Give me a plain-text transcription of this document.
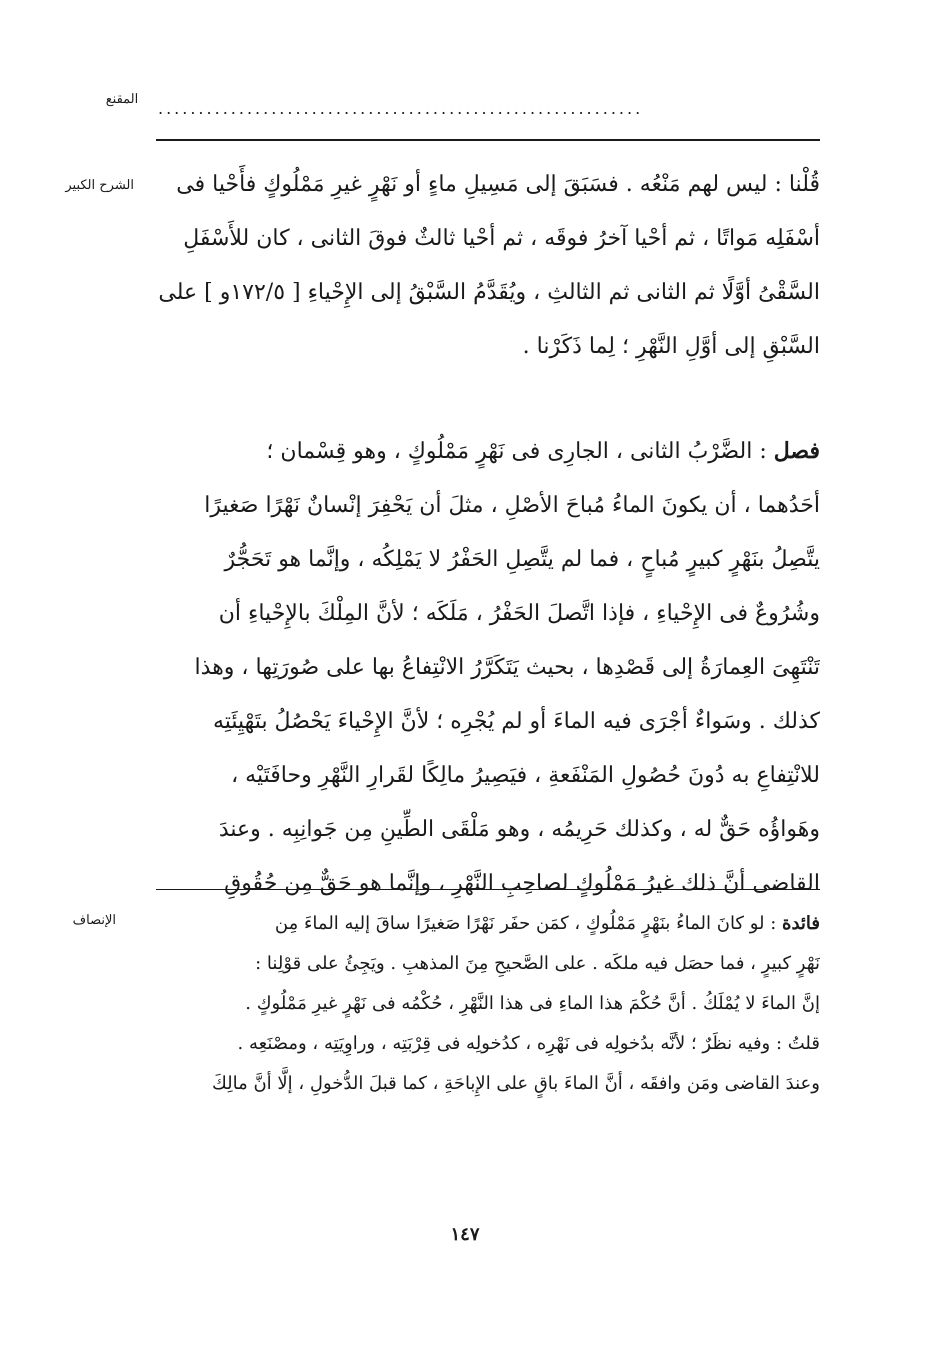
المقنع	............................................................
الشرح الكبير	قُلْنا : ليس لهم مَنْعُه . فسَبَقَ إلى مَسِيلِ ماءٍ أو نَهْرٍ غيرِ مَمْلُوكٍ فأَحْيا فى
أسْفَلِه مَواتًا ، ثم أحْيا آخرُ فوقَه ، ثم أحْيا ثالثٌ فوقَ الثانى ، كان للأَسْفَلِ
السَّقْىُ أوَّلًا ثم الثانى ثم الثالثِ ، ويُقَدَّمُ السَّبْقُ إلى الإِحْياءِ [ ١٧٢/٥و ] على
السَّبْقِ إلى أوَّلِ النَّهْرِ ؛ لِما ذَكَرْنا .
فصل : الضَّرْبُ الثانى ، الجارِى فى نَهْرٍ مَمْلُوكٍ ، وهو قِسْمان ؛
أحَدُهما ، أن يكونَ الماءُ مُباحَ الأصْلِ ، مثلَ أن يَحْفِرَ إنْسانٌ نَهْرًا صَغيرًا
يتَّصِلُ بنَهْرٍ كبيرٍ مُباحٍ ، فما لم يتَّصِلِ الحَفْرُ لا يَمْلِكُه ، وإنَّما هو تَحَجُّرٌ
وشُرُوعٌ فى الإِحْياءِ ، فإذا اتَّصلَ الحَفْرُ ، مَلَكَه ؛ لأنَّ المِلْكَ بالإِحْياءِ أن
تَنْتَهِىَ العِمارَةُ إلى قَصْدِها ، بحيث يَتَكَرَّرُ الانْتِفاعُ بها على صُورَتِها ، وهذا
كذلك . وسَواءٌ أجْرَى فيه الماءَ أو لم يُجْرِه ؛ لأنَّ الإِحْياءَ يَحْصُلُ بتَهْيِئَتِه
للانْتِفاعِ به دُونَ حُصُولِ المَنْفَعةِ ، فيَصِيرُ مالِكًا لقَرارِ النَّهْرِ وحافَتَيْه ،
وهَواؤُه حَقٌّ له ، وكذلك حَرِيمُه ، وهو مَلْقَى الطِّينِ مِن جَوانِبِه . وعندَ
القاضى أنَّ ذلك غيرُ مَمْلُوكٍ لصاحِبِ النَّهْرِ ، وإنَّما هو حَقٌّ مِن حُقُوقِ
الإنصاف	فائدة : لو كانَ الماءُ بنَهْرٍ مَمْلُوكٍ ، كمَن حفَر نَهْرًا صَغيرًا ساقَ إليه الماءَ مِن
نَهْرٍ كبيرٍ ، فما حصَل فيه ملكَه . على الصَّحيحِ مِنَ المذهبِ . ويَجِئُ على قوْلِنا :
إنَّ الماءَ لا يُمْلَكُ . أنَّ حُكْمَ هذا الماءِ فى هذا النَّهْرِ ، حُكْمُه فى نَهْرٍ غيرِ مَمْلُوكٍ .
قلتُ : وفيه نظَرٌ ؛ لأنَّه بدُخولِه فى نَهْرِه ، كدُخولِه فى قِرْبَتِه ، وراوِيَتِه ، ومصْنَعِه .
وعندَ القاضى ومَن وافقَه ، أنَّ الماءَ باقٍ على الإِباحَةِ ، كما قبلَ الدُّخولِ ، إلَّا أنَّ مالِكَ
١٤٧
